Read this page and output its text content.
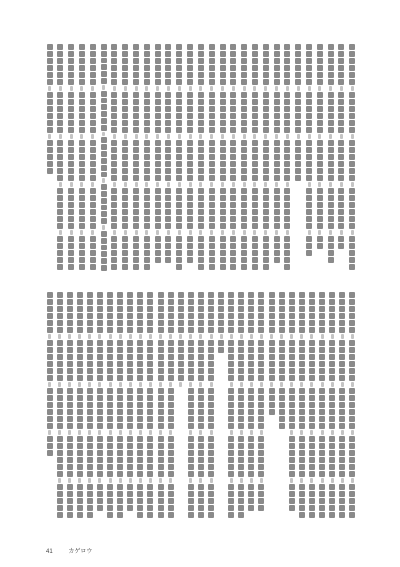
41	カゲロウ
